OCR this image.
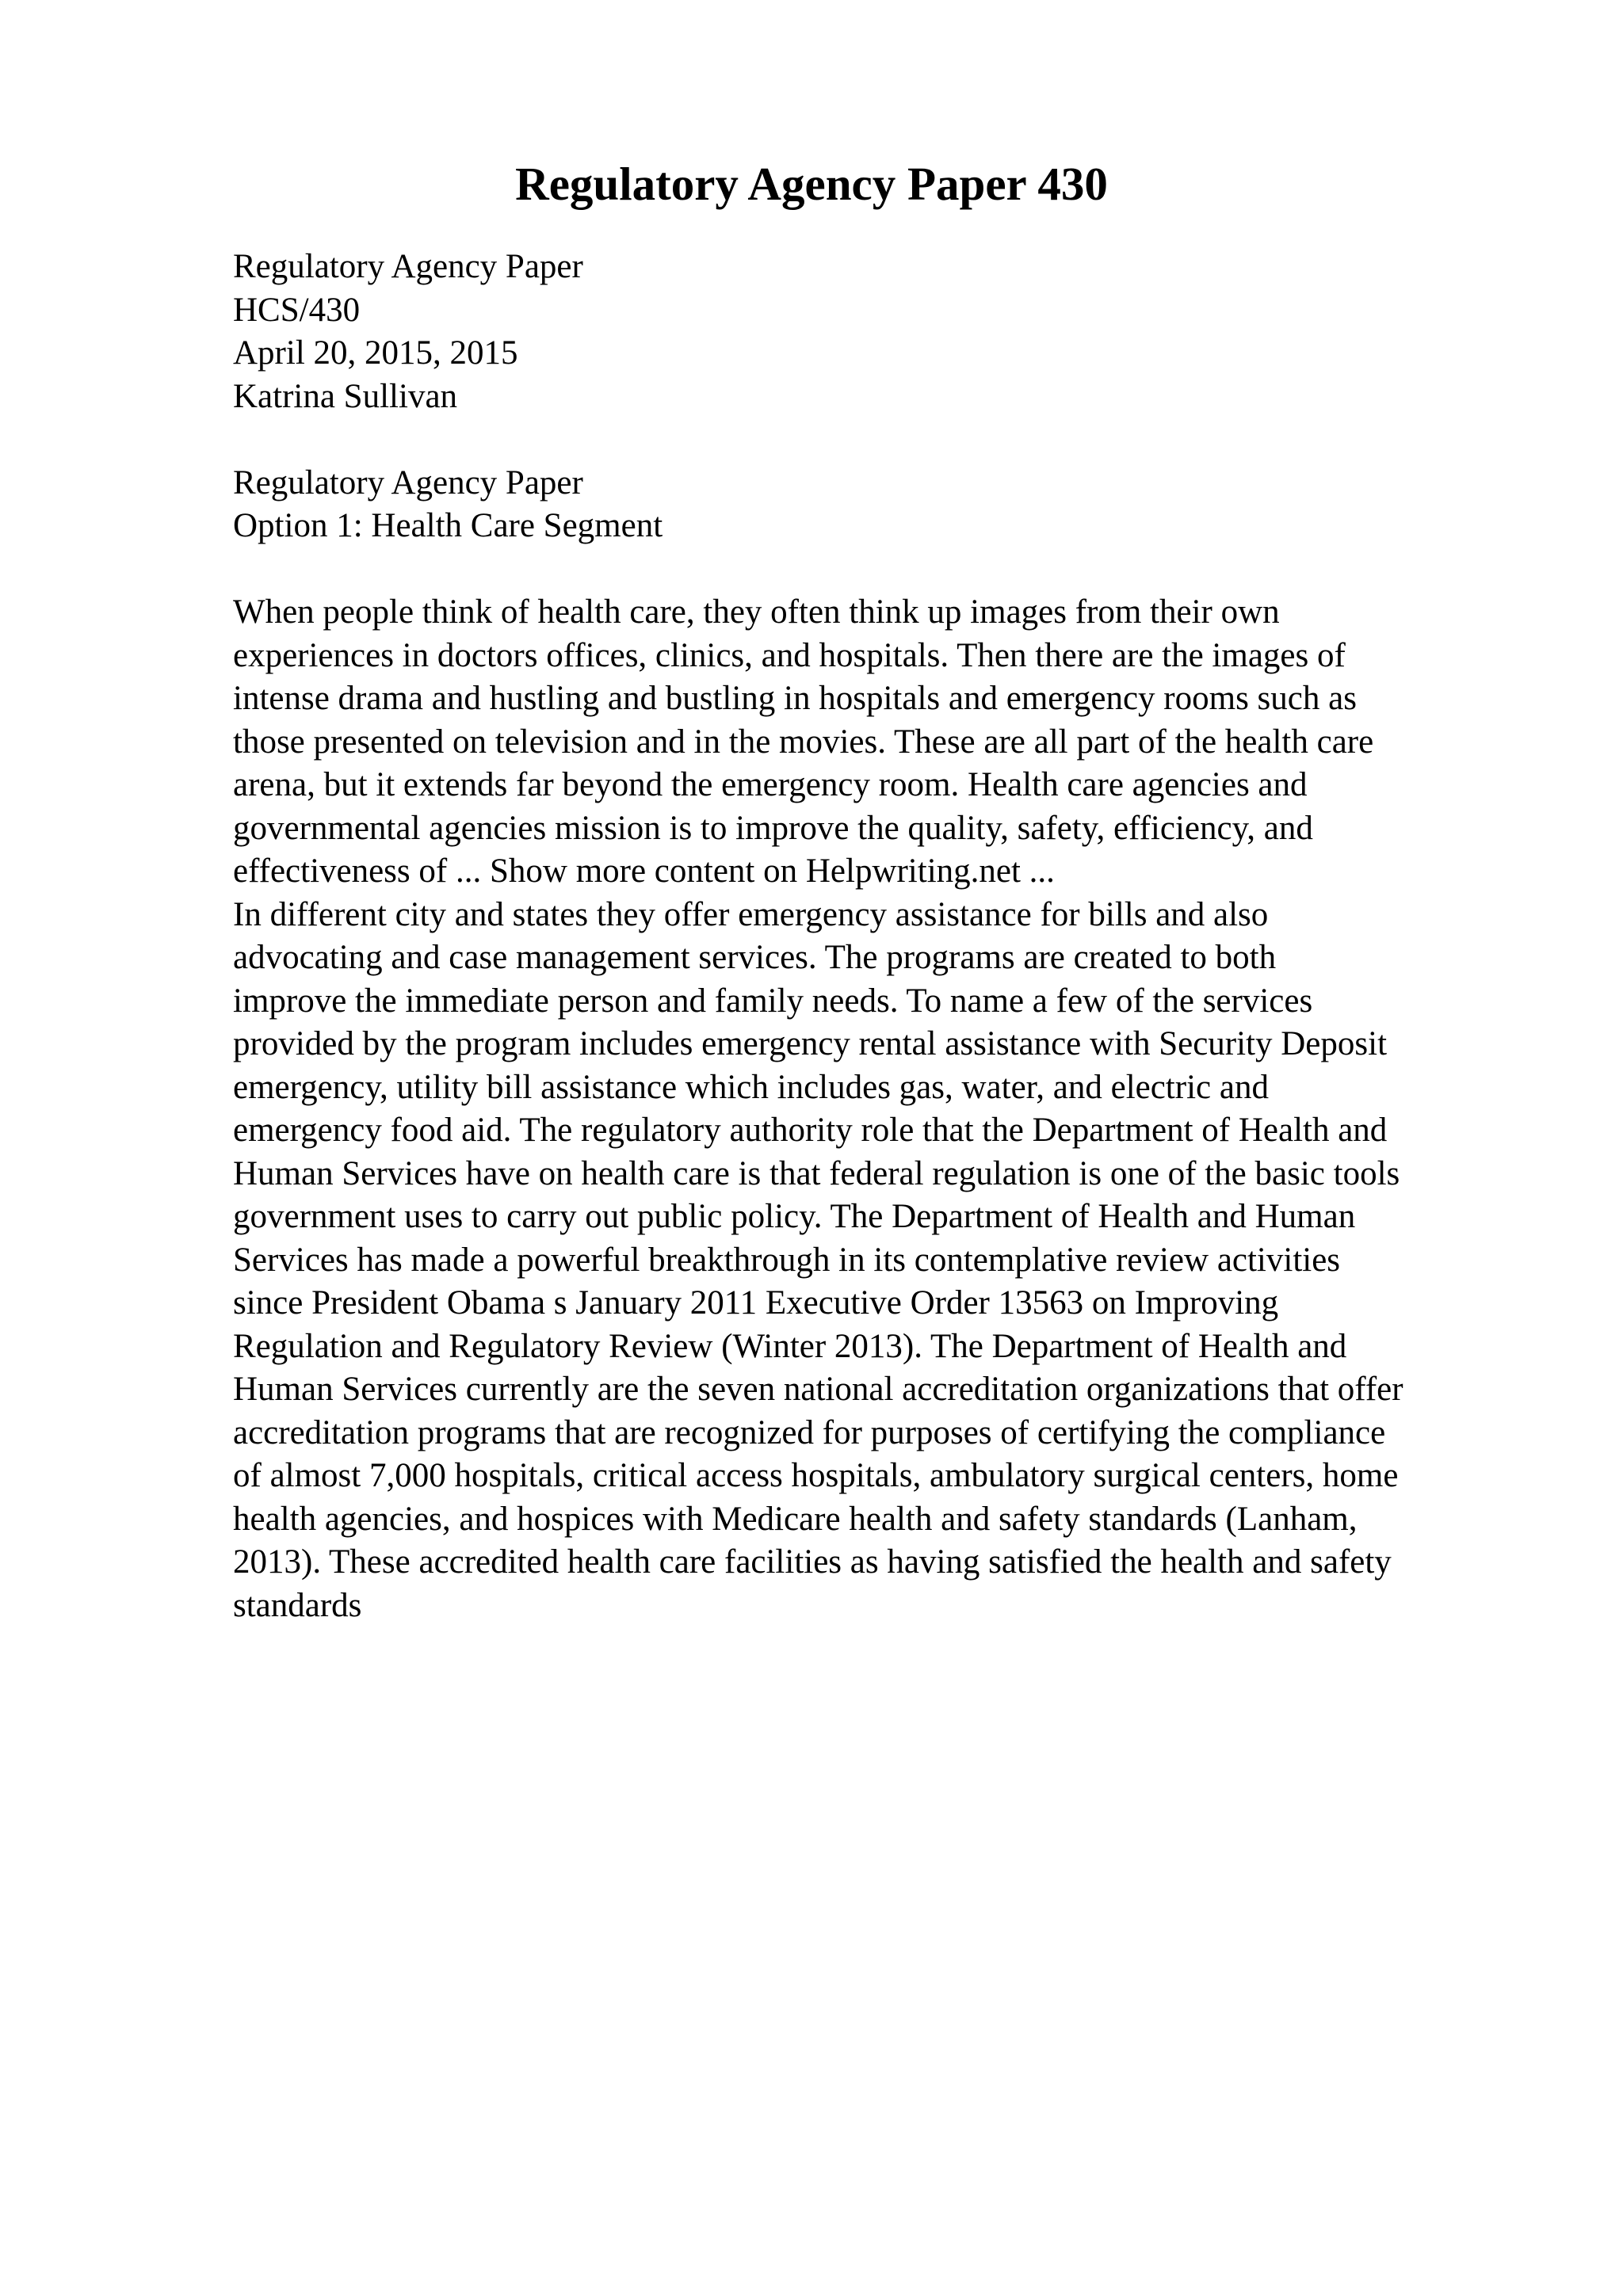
Regulatory Agency Paper 430
Regulatory Agency Paper
HCS/430
April 20, 2015, 2015
Katrina Sullivan
Regulatory Agency Paper
Option 1: Health Care Segment
When people think of health care, they often think up images from their own
experiences in doctors offices, clinics, and hospitals. Then there are the images of
intense drama and hustling and bustling in hospitals and emergency rooms such as
those presented on television and in the movies. These are all part of the health care
arena, but it extends far beyond the emergency room. Health care agencies and
governmental agencies mission is to improve the quality, safety, efficiency, and
effectiveness of ... Show more content on Helpwriting.net ...
In different city and states they offer emergency assistance for bills and also
advocating and case management services. The programs are created to both
improve the immediate person and family needs. To name a few of the services
provided by the program includes emergency rental assistance with Security Deposit
emergency, utility bill assistance which includes gas, water, and electric and
emergency food aid. The regulatory authority role that the Department of Health and
Human Services have on health care is that federal regulation is one of the basic tools
government uses to carry out public policy. The Department of Health and Human
Services has made a powerful breakthrough in its contemplative review activities
since President Obama s January 2011 Executive Order 13563 on Improving
Regulation and Regulatory Review (Winter 2013). The Department of Health and
Human Services currently are the seven national accreditation organizations that offer
accreditation programs that are recognized for purposes of certifying the compliance
of almost 7,000 hospitals, critical access hospitals, ambulatory surgical centers, home
health agencies, and hospices with Medicare health and safety standards (Lanham,
2013). These accredited health care facilities as having satisfied the health and safety
standards
